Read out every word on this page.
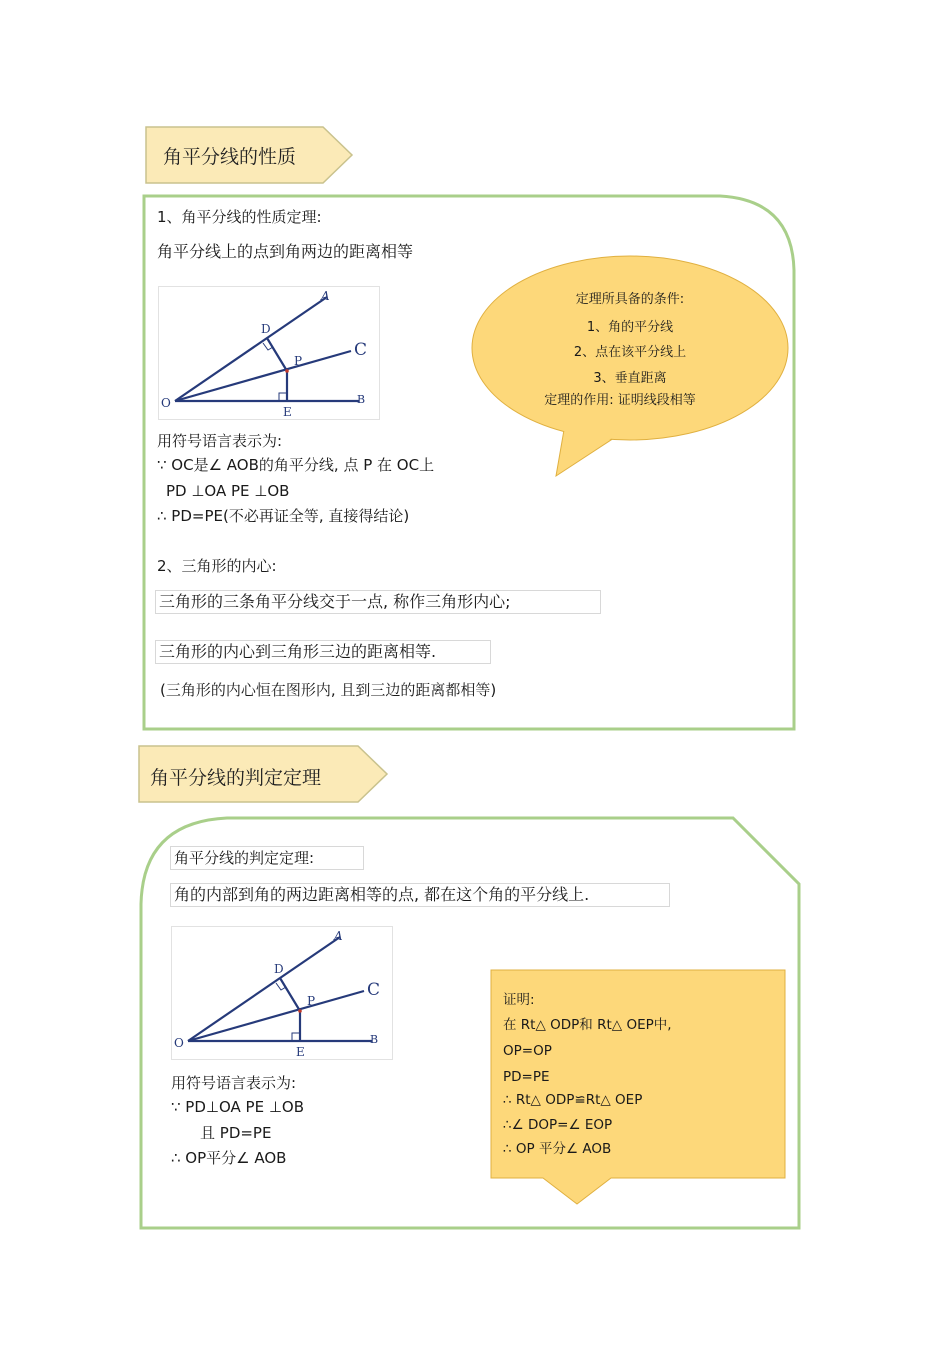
角平分线的性质
1、角平分线的性质定理:
角平分线上的点到角两边的距离相等
A
D
P
C
O
E
B
定理所具备的条件:
1、角的平分线
2、点在该平分线上
3、垂直距离
定理的作用: 证明线段相等
用符号语言表示为:
∵ OC是∠ AOB的角平分线, 点 P 在 OC上
PD ⊥OA PE ⊥OB
∴ PD=PE(不必再证全等, 直接得结论)
2、三角形的内心:
三角形的三条角平分线交于一点, 称作三角形内心;
三角形的内心到三角形三边的距离相等.
(三角形的内心恒在图形内, 且到三边的距离都相等)
角平分线的判定定理
角平分线的判定定理:
角的内部到角的两边距离相等的点, 都在这个角的平分线上.
A
D
P
C
O
E
B
证明:
在 Rt△ ODP和 Rt△ OEP中,
OP=OP
PD=PE
∴ Rt△ ODP≌Rt△ OEP
∴∠ DOP=∠ EOP
∴ OP 平分∠ AOB
用符号语言表示为:
∵ PD⊥OA PE ⊥OB
且 PD=PE
∴ OP平分∠ AOB
